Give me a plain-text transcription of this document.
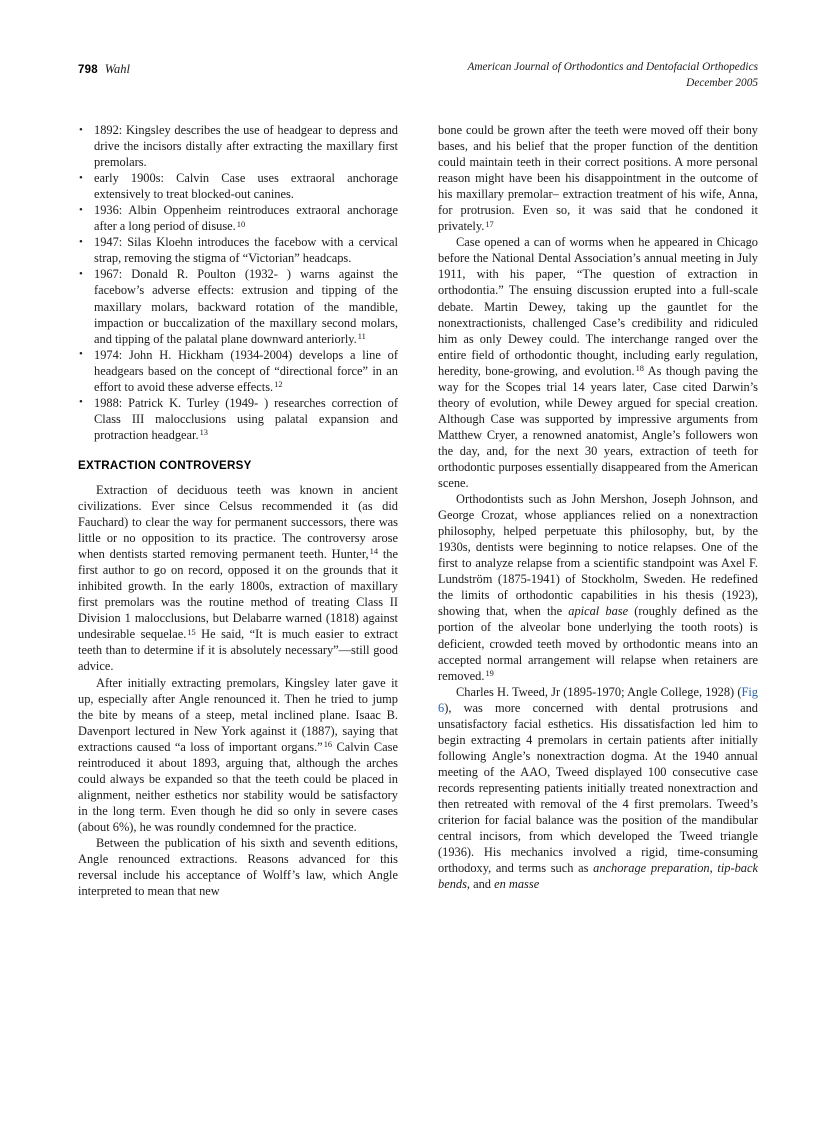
798 Wahl	American Journal of Orthodontics and Dentofacial Orthopedics
December 2005
• 1892: Kingsley describes the use of headgear to depress and drive the incisors distally after extracting the maxillary first premolars.
• early 1900s: Calvin Case uses extraoral anchorage extensively to treat blocked-out canines.
• 1936: Albin Oppenheim reintroduces extraoral anchorage after a long period of disuse.$^{10}$
• 1947: Silas Kloehn introduces the facebow with a cervical strap, removing the stigma of “Victorian” headcaps.
• 1967: Donald R. Poulton (1932- ) warns against the facebow’s adverse effects: extrusion and tipping of the maxillary molars, backward rotation of the mandible, impaction or buccalization of the maxillary second molars, and tipping of the palatal plane downward anteriorly.$^{11}$
• 1974: John H. Hickham (1934-2004) develops a line of headgears based on the concept of “directional force” in an effort to avoid these adverse effects.$^{12}$
• 1988: Patrick K. Turley (1949- ) researches correction of Class III malocclusions using palatal expansion and protraction headgear.$^{13}$
EXTRACTION CONTROVERSY

Extraction of deciduous teeth was known in ancient civilizations. Ever since Celsus recommended it (as did Fauchard) to clear the way for permanent successors, there was little or no opposition to its practice. The controversy arose when dentists started removing permanent teeth. Hunter,$^{14}$ the first author to go on record, opposed it on the grounds that it inhibited growth. In the early 1800s, extraction of maxillary first premolars was the routine method of treating Class II Division 1 malocclusions, but Delabarre warned (1818) against undesirable sequelae.$^{15}$ He said, “It is much easier to extract teeth than to determine if it is absolutely necessary”—still good advice.

After initially extracting premolars, Kingsley later gave it up, especially after Angle renounced it. Then he tried to jump the bite by means of a steep, metal inclined plane. Isaac B. Davenport lectured in New York against it (1887), saying that extractions caused “a loss of important organs.”$^{16}$ Calvin Case reintroduced it about 1893, arguing that, although the arches could always be expanded so that the teeth could be placed in alignment, neither esthetics nor stability would be satisfactory in the long term. Even though he did so only in severe cases (about 6%), he was roundly condemned for the practice.

Between the publication of his sixth and seventh editions, Angle renounced extractions. Reasons advanced for this reversal include his acceptance of Wolff’s law, which Angle interpreted to mean that new

bone could be grown after the teeth were moved off their bony bases, and his belief that the proper function of the dentition could maintain teeth in their correct positions. A more personal reason might have been his disappointment in the outcome of his maxillary premolar– extraction treatment of his wife, Anna, for protrusion. Even so, it was said that he condoned it privately.$^{17}$

Case opened a can of worms when he appeared in Chicago before the National Dental Association’s annual meeting in July 1911, with his paper, “The question of extraction in orthodontia.” The ensuing discussion erupted into a full-scale debate. Martin Dewey, taking up the gauntlet for the nonextractionists, challenged Case’s credibility and ridiculed him as only Dewey could. The interchange ranged over the entire field of orthodontic thought, including early regulation, heredity, bone-growing, and evolution.$^{18}$ As though paving the way for the Scopes trial 14 years later, Case cited Darwin’s theory of evolution, while Dewey argued for special creation. Although Case was supported by impressive arguments from Matthew Cryer, a renowned anatomist, Angle’s followers won the day, and, for the next 30 years, extraction of teeth for orthodontic purposes essentially disappeared from the American scene.

Orthodontists such as John Mershon, Joseph Johnson, and George Crozat, whose appliances relied on a nonextraction philosophy, helped perpetuate this philosophy, but, by the 1930s, dentists were beginning to notice relapses. One of the first to analyze relapse from a scientific standpoint was Axel F. Lundström (1875-1941) of Stockholm, Sweden. He redefined the limits of orthodontic capabilities in his thesis (1923), showing that, when the apical base (roughly defined as the portion of the alveolar bone underlying the tooth roots) is deficient, crowded teeth moved by orthodontic means into an accepted normal arrangement will relapse when retainers are removed.$^{19}$

Charles H. Tweed, Jr (1895-1970; Angle College, 1928) (Fig 6), was more concerned with dental protrusions and unsatisfactory facial esthetics. His dissatisfaction led him to begin extracting 4 premolars in certain patients after initially following Angle’s nonextraction dogma. At the 1940 annual meeting of the AAO, Tweed displayed 100 consecutive case records representing patients initially treated nonextraction and then retreated with removal of the 4 first premolars. Tweed’s criterion for facial balance was the position of the mandibular central incisors, from which developed the Tweed triangle (1936). His mechanics involved a rigid, time-consuming orthodoxy, and terms such as anchorage preparation, tip-back bends, and en masse
